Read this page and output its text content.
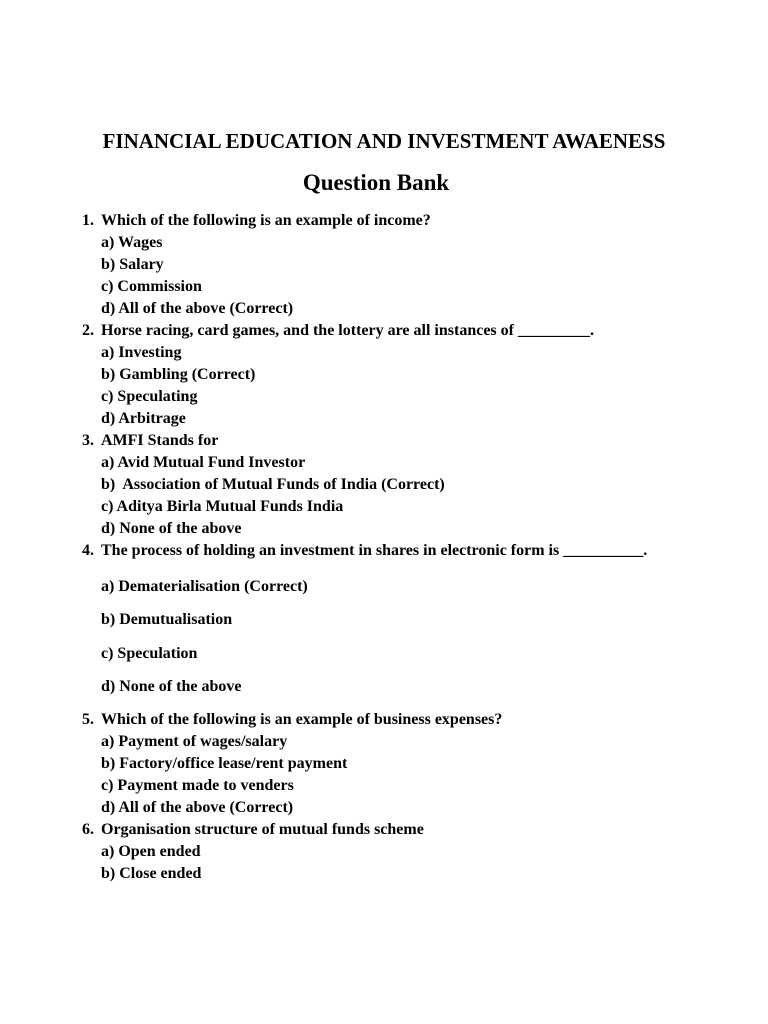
FINANCIAL EDUCATION AND INVESTMENT AWAENESS
Question Bank
1. Which of the following is an example of income?
a) Wages
b) Salary
c) Commission
d) All of the above (Correct)
2. Horse racing, card games, and the lottery are all instances of _________.
a) Investing
b) Gambling (Correct)
c) Speculating
d) Arbitrage
3. AMFI Stands for
a) Avid Mutual Fund Investor
b)  Association of Mutual Funds of India (Correct)
c) Aditya Birla Mutual Funds India
d) None of the above
4. The process of holding an investment in shares in electronic form is __________.
a) Dematerialisation (Correct)
b) Demutualisation
c) Speculation
d) None of the above
5. Which of the following is an example of business expenses?
a) Payment of wages/salary
b) Factory/office lease/rent payment
c) Payment made to venders
d) All of the above (Correct)
6. Organisation structure of mutual funds scheme
a) Open ended
b) Close ended
